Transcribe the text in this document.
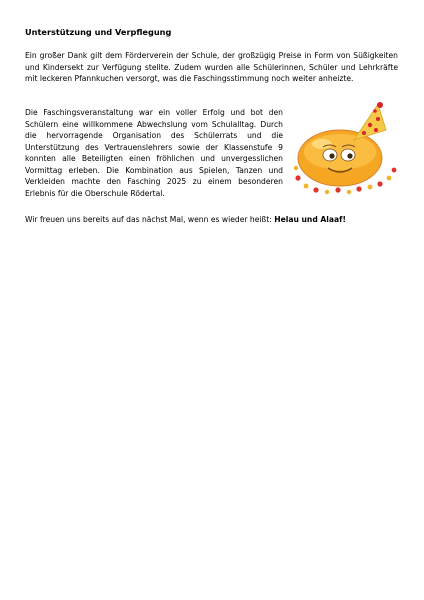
Unterstützung und Verpflegung
Ein großer Dank gilt dem Förderverein der Schule, der großzügig Preise in Form von Süßigkeiten und Kindersekt zur Verfügung stellte. Zudem wurden alle Schülerinnen, Schüler und Lehrkräfte mit leckeren Pfannkuchen versorgt, was die Faschingsstimmung noch weiter anheizte.
Die Faschingsveranstaltung war ein voller Erfolg und bot den Schülern eine willkommene Abwechslung vom Schulalltag. Durch die hervorragende Organisation des Schülerrats und die Unterstützung des Vertrauenslehrers sowie der Klassenstufe 9 konnten alle Beteiligten einen fröhlichen und unvergesslichen Vormittag erleben. Die Kombination aus Spielen, Tanzen und Verkleiden machte den Fasching 2025 zu einem besonderen Erlebnis für die Oberschule Rödertal.
Wir freuen uns bereits auf das nächst Mal, wenn es wieder heißt: Helau und Alaaf!
